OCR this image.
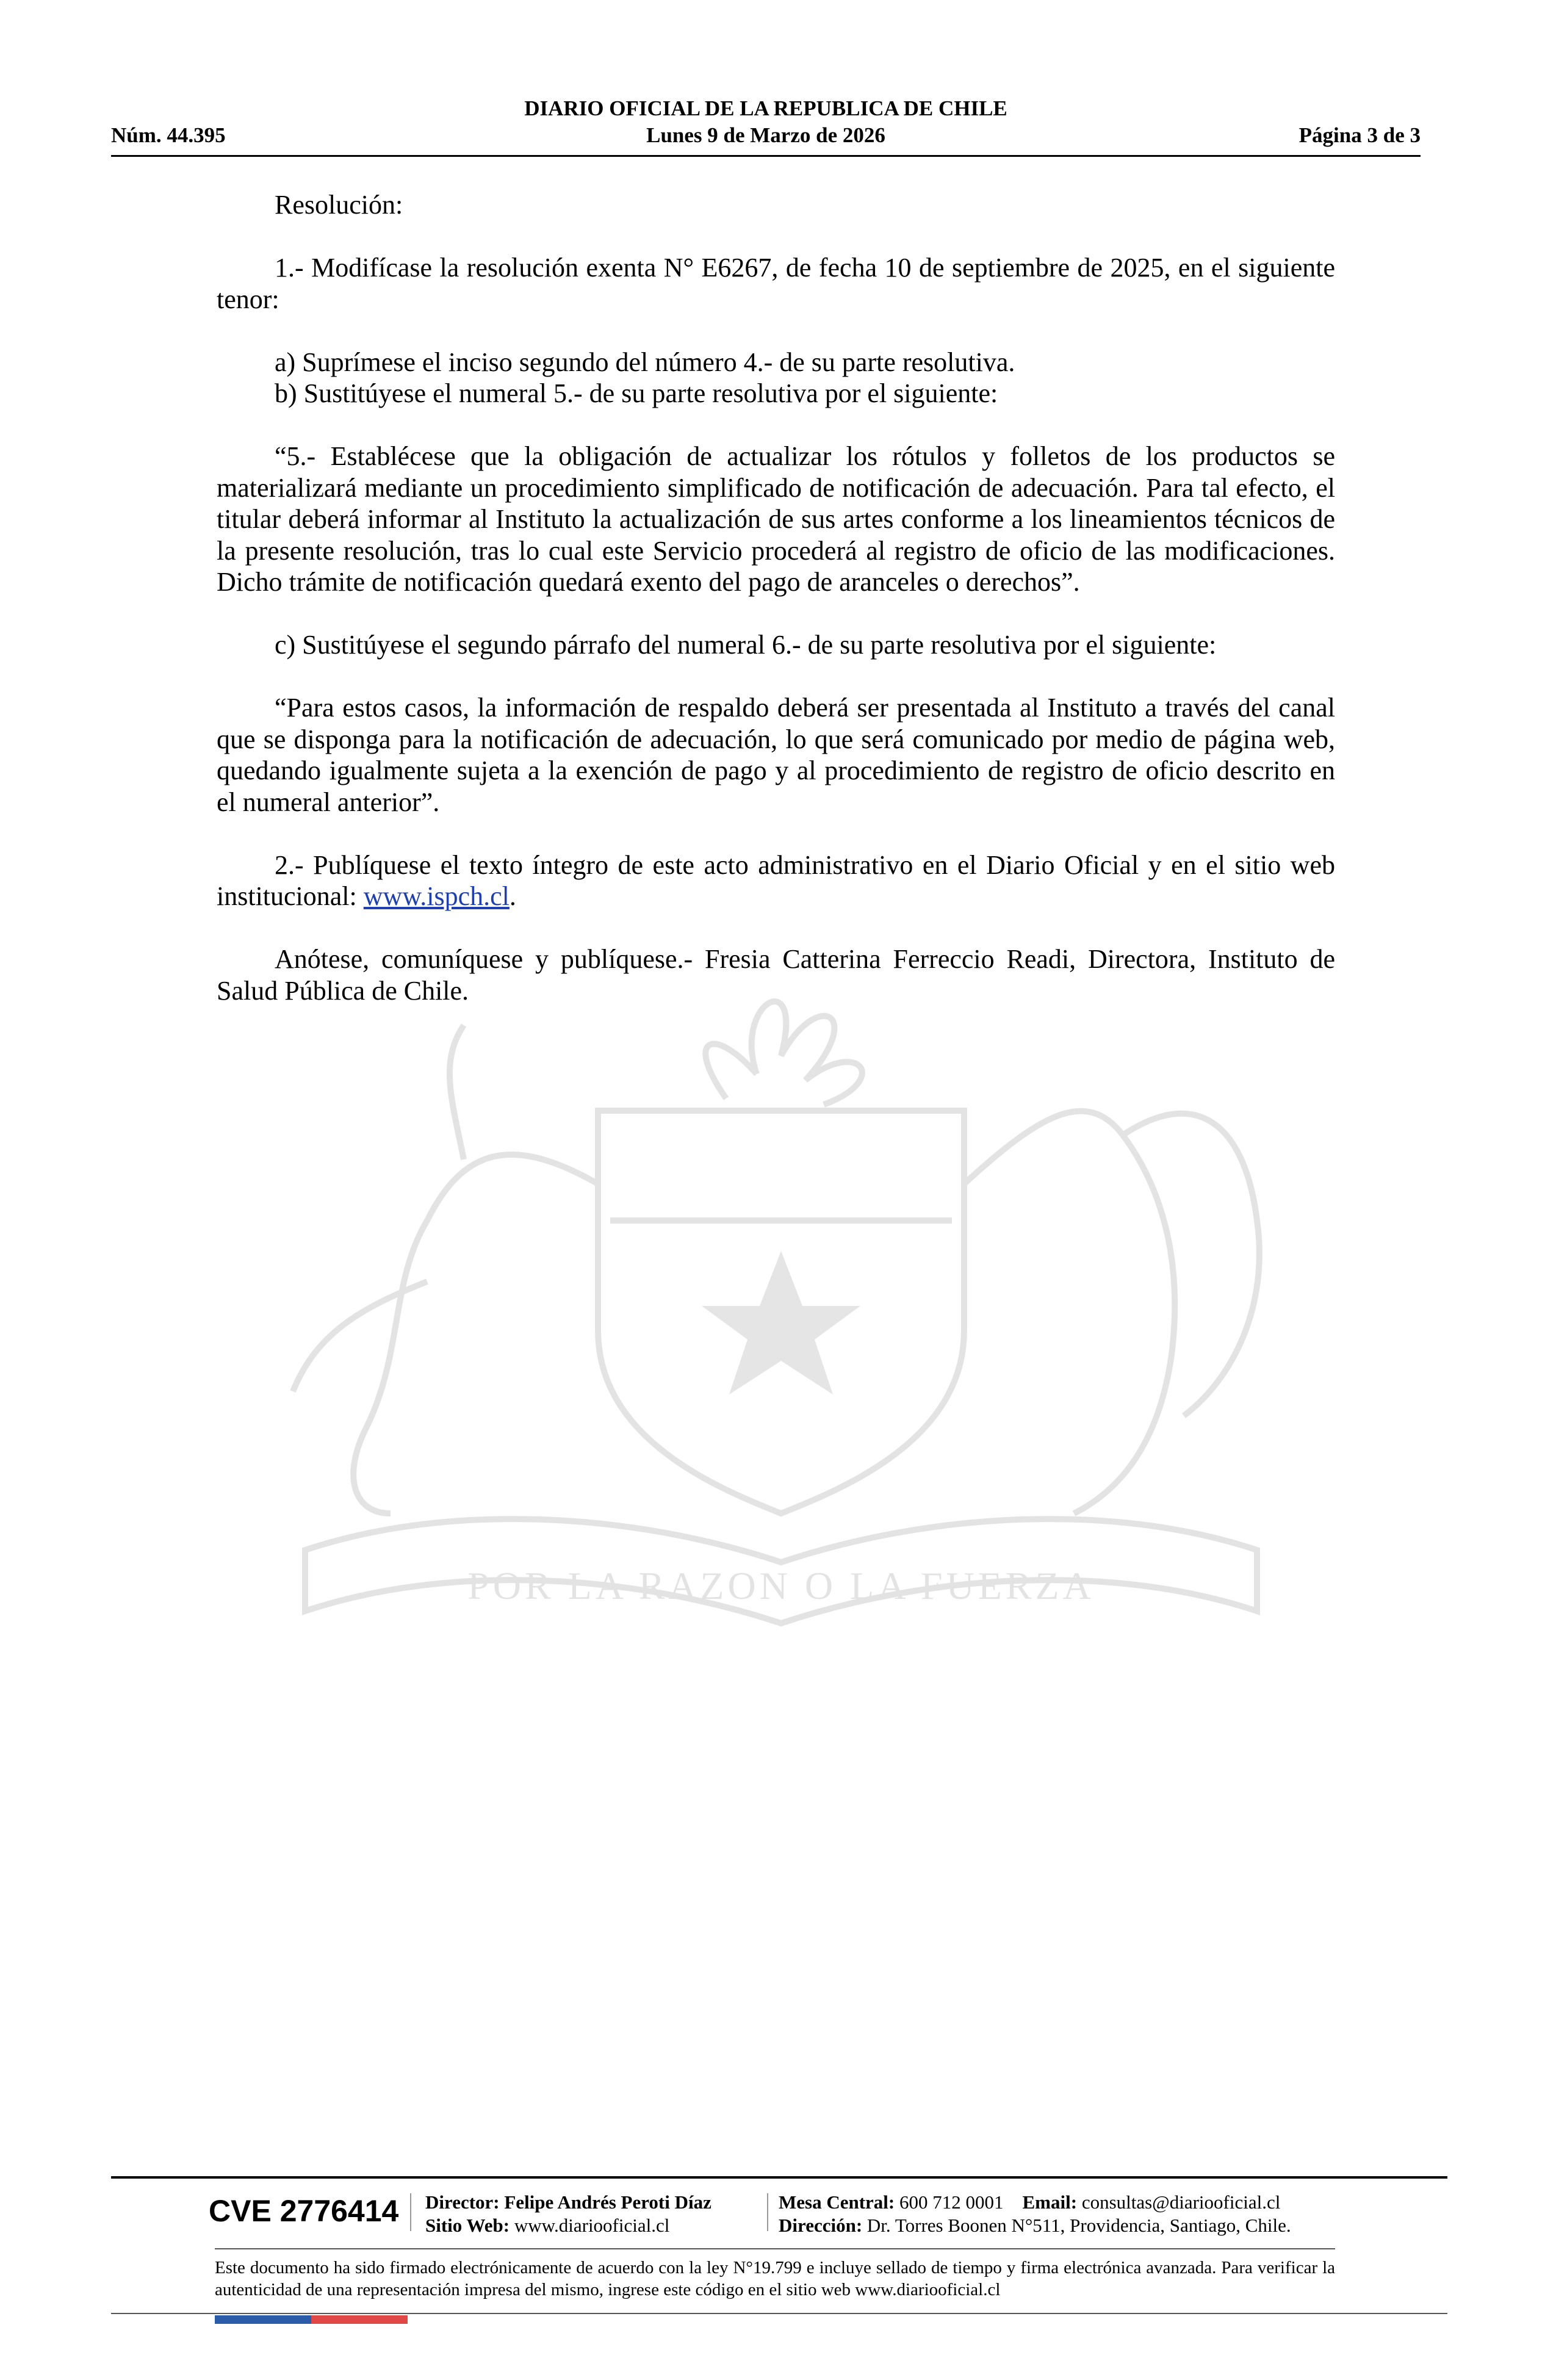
POR LA RAZON O LA FUERZA
DIARIO OFICIAL DE LA REPUBLICA DE CHILE
Núm. 44.395	Lunes 9 de Marzo de 2026	Página 3 de 3

Resolución:

1.- Modifícase la resolución exenta N° E6267, de fecha 10 de septiembre de 2025, en el siguiente tenor:

a) Suprímese el inciso segundo del número 4.- de su parte resolutiva.

b) Sustitúyese el numeral 5.- de su parte resolutiva por el siguiente:

“5.- Establécese que la obligación de actualizar los rótulos y folletos de los productos se materializará mediante un procedimiento simplificado de notificación de adecuación. Para tal efecto, el titular deberá informar al Instituto la actualización de sus artes conforme a los lineamientos técnicos de la presente resolución, tras lo cual este Servicio procederá al registro de oficio de las modificaciones. Dicho trámite de notificación quedará exento del pago de aranceles o derechos”.

c) Sustitúyese el segundo párrafo del numeral 6.- de su parte resolutiva por el siguiente:

“Para estos casos, la información de respaldo deberá ser presentada al Instituto a través del canal que se disponga para la notificación de adecuación, lo que será comunicado por medio de página web, quedando igualmente sujeta a la exención de pago y al procedimiento de registro de oficio descrito en el numeral anterior”.

2.- Publíquese el texto íntegro de este acto administrativo en el Diario Oficial y en el sitio web institucional: www.ispch.cl.

Anótese, comuníquese y publíquese.- Fresia Catterina Ferreccio Readi, Directora, Instituto de Salud Pública de Chile.

CVE 2776414 Director: Felipe Andrés Peroti Díaz
Sitio Web: www.diariooficial.cl
Mesa Central: 600 712 0001 Email: consultas@diariooficial.cl
Dirección: Dr. Torres Boonen N°511, Providencia, Santiago, Chile.
Este documento ha sido firmado electrónicamente de acuerdo con la ley N°19.799 e incluye sellado de tiempo y firma electrónica avanzada. Para verificar la autenticidad de una representación impresa del mismo, ingrese este código en el sitio web www.diariooficial.cl
